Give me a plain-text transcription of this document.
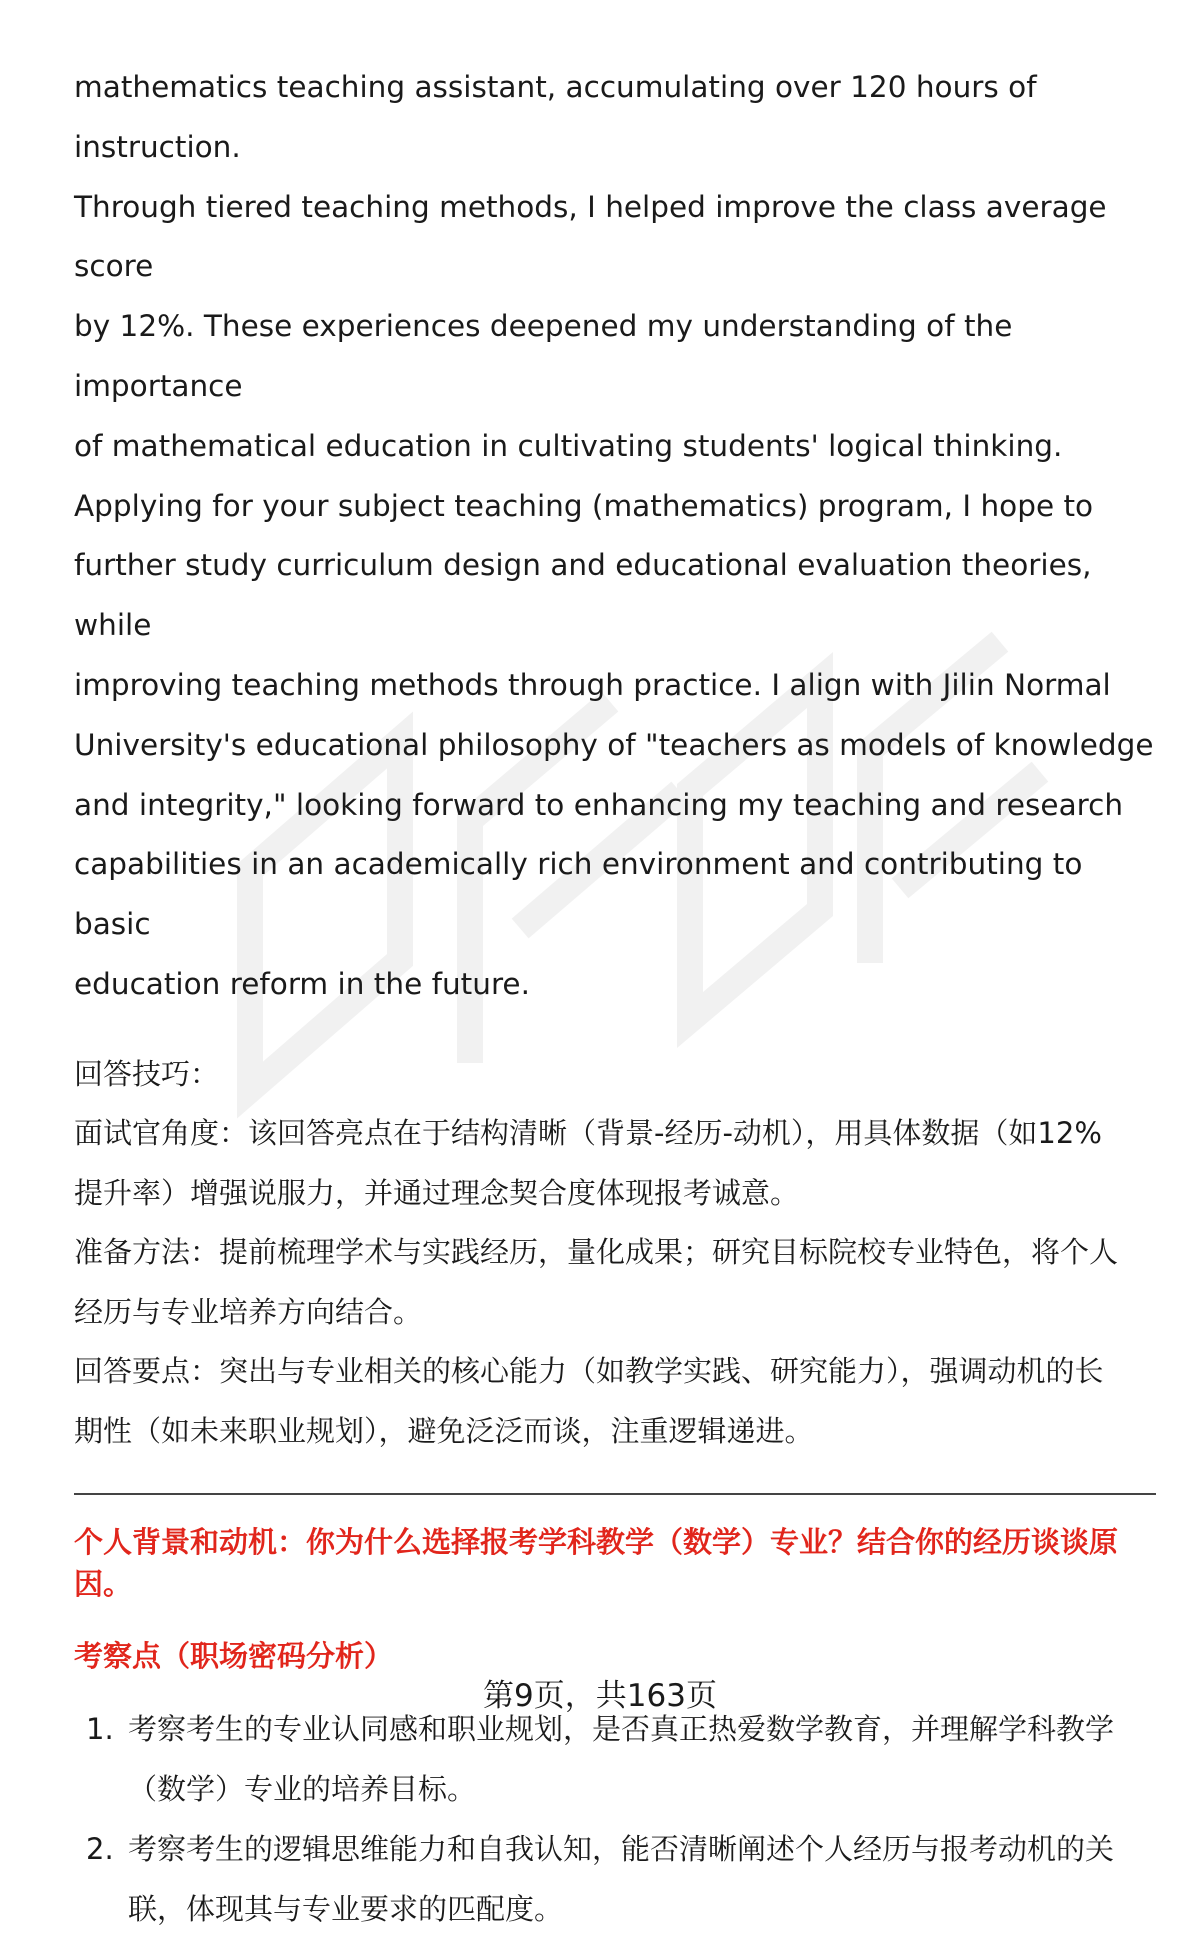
mathematics teaching assistant, accumulating over 120 hours of instruction.
Through tiered teaching methods, I helped improve the class average score
by 12%. These experiences deepened my understanding of the importance
of mathematical education in cultivating students' logical thinking.
Applying for your subject teaching (mathematics) program, I hope to
further study curriculum design and educational evaluation theories, while
improving teaching methods through practice. I align with Jilin Normal
University's educational philosophy of "teachers as models of knowledge
and integrity," looking forward to enhancing my teaching and research
capabilities in an academically rich environment and contributing to basic
education reform in the future.

回答技巧：

面试官角度：该回答亮点在于结构清晰（背景-经历-动机），用具体数据（如12%
提升率）增强说服力，并通过理念契合度体现报考诚意。

准备方法：提前梳理学术与实践经历，量化成果；研究目标院校专业特色，将个人
经历与专业培养方向结合。

回答要点：突出与专业相关的核心能力（如教学实践、研究能力），强调动机的长
期性（如未来职业规划），避免泛泛而谈，注重逻辑递进。

个人背景和动机：你为什么选择报考学科教学（数学）专业？结合你的经历谈谈原
因。

考察点（职场密码分析）

1. 考察考生的专业认同感和职业规划，是否真正热爱数学教育，并理解学科教学
（数学）专业的培养目标。
2. 考察考生的逻辑思维能力和自我认知，能否清晰阐述个人经历与报考动机的关
联，体现其与专业要求的匹配度。
第9页，共163页
